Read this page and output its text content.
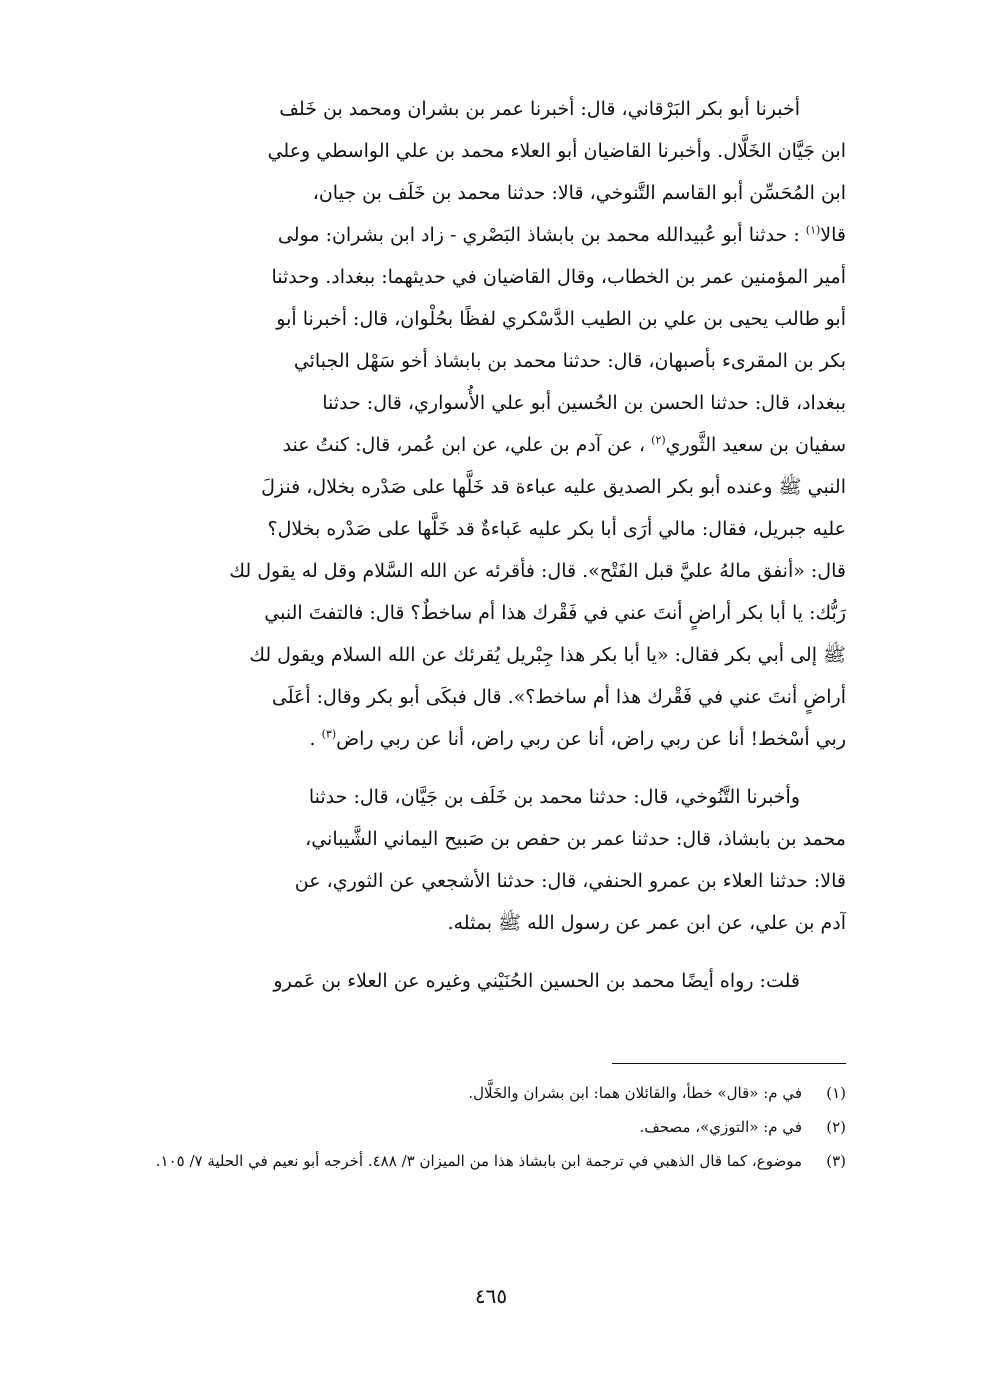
أخبرنا أبو بكر البَرْقاني، قال: أخبرنا عمر بن بشران ومحمد بن خَلف
ابن جَيَّان الخَلَّال. وأخبرنا القاضيان أبو العلاء محمد بن علي الواسطي وعلي
ابن المُحَسِّن أبو القاسم التَّنوخي، قالا: حدثنا محمد بن خَلَف بن جيان،
قالا$^{(١)}$ : حدثنا أبو عُبيدالله محمد بن بابشاذ البَصْري - زاد ابن بشران: مولى
أمير المؤمنين عمر بن الخطاب، وقال القاضيان في حديثهما: ببغداد. وحدثنا
أبو طالب يحيى بن علي بن الطيب الدَّسْكري لفظًا بحُلْوان، قال: أخبرنا أبو
بكر بن المقرىء بأصبهان، قال: حدثنا محمد بن بابشاذ أخو سَهْل الجبائي
ببغداد، قال: حدثنا الحسن بن الحُسين أبو علي الأُسواري، قال: حدثنا
سفيان بن سعيد الثَّوري$^{(٢)}$ ، عن آدم بن علي، عن ابن عُمر، قال: كنتُ عند
النبي ﷺ وعنده أبو بكر الصديق عليه عباءة قد خَلَّها على صَدْره بخلال، فنزلَ
عليه جبريل، فقال: مالي أرَى أبا بكر عليه عَباءةٌ قد خَلَّها على صَدْره بخلال؟
قال: «أنفق مالهُ عليَّ قبل الفَتْح». قال: فأقرئه عن الله السَّلام وقل له يقول لك
رَبُّك: يا أبا بكر أراضٍ أنتَ عني في فَقْرك هذا أم ساخطٌ؟ قال: فالتفتَ النبي
ﷺ إلى أبي بكر فقال: «يا أبا بكر هذا جِبْريل يُقرئك عن الله السلام ويقول لك
أراضٍ أنتَ عني في فَقْرك هذا أم ساخط؟». قال فبكَى أبو بكر وقال: أعَلَى
ربي أسْخط! أنا عن ربي راض، أنا عن ربي راض، أنا عن ربي راض$^{(٣)}$ .
وأخبرنا التَّنُوخي، قال: حدثنا محمد بن خَلَف بن جَيَّان، قال: حدثنا
محمد بن بابشاذ، قال: حدثنا عمر بن حفص بن صَبيح اليماني الشَّيباني،
قالا: حدثنا العلاء بن عمرو الحنفي، قال: حدثنا الأشجعي عن الثوري، عن
آدم بن علي، عن ابن عمر عن رسول الله ﷺ بمثله.
قلت: رواه أيضًا محمد بن الحسين الحُنَيْني وغيره عن العلاء بن عَمرو
(١)
في م: «قال» خطأ، والقائلان هما: ابن بشران والخَلَّال.
(٢)
في م: «التوزي»، مصحف.
(٣)
موضوع، كما قال الذهبي في ترجمة ابن بابشاذ هذا من الميزان ٣/ ٤٨٨. أخرجه أبو نعيم في الحلية ٧/ ١٠٥.
٤٦٥
